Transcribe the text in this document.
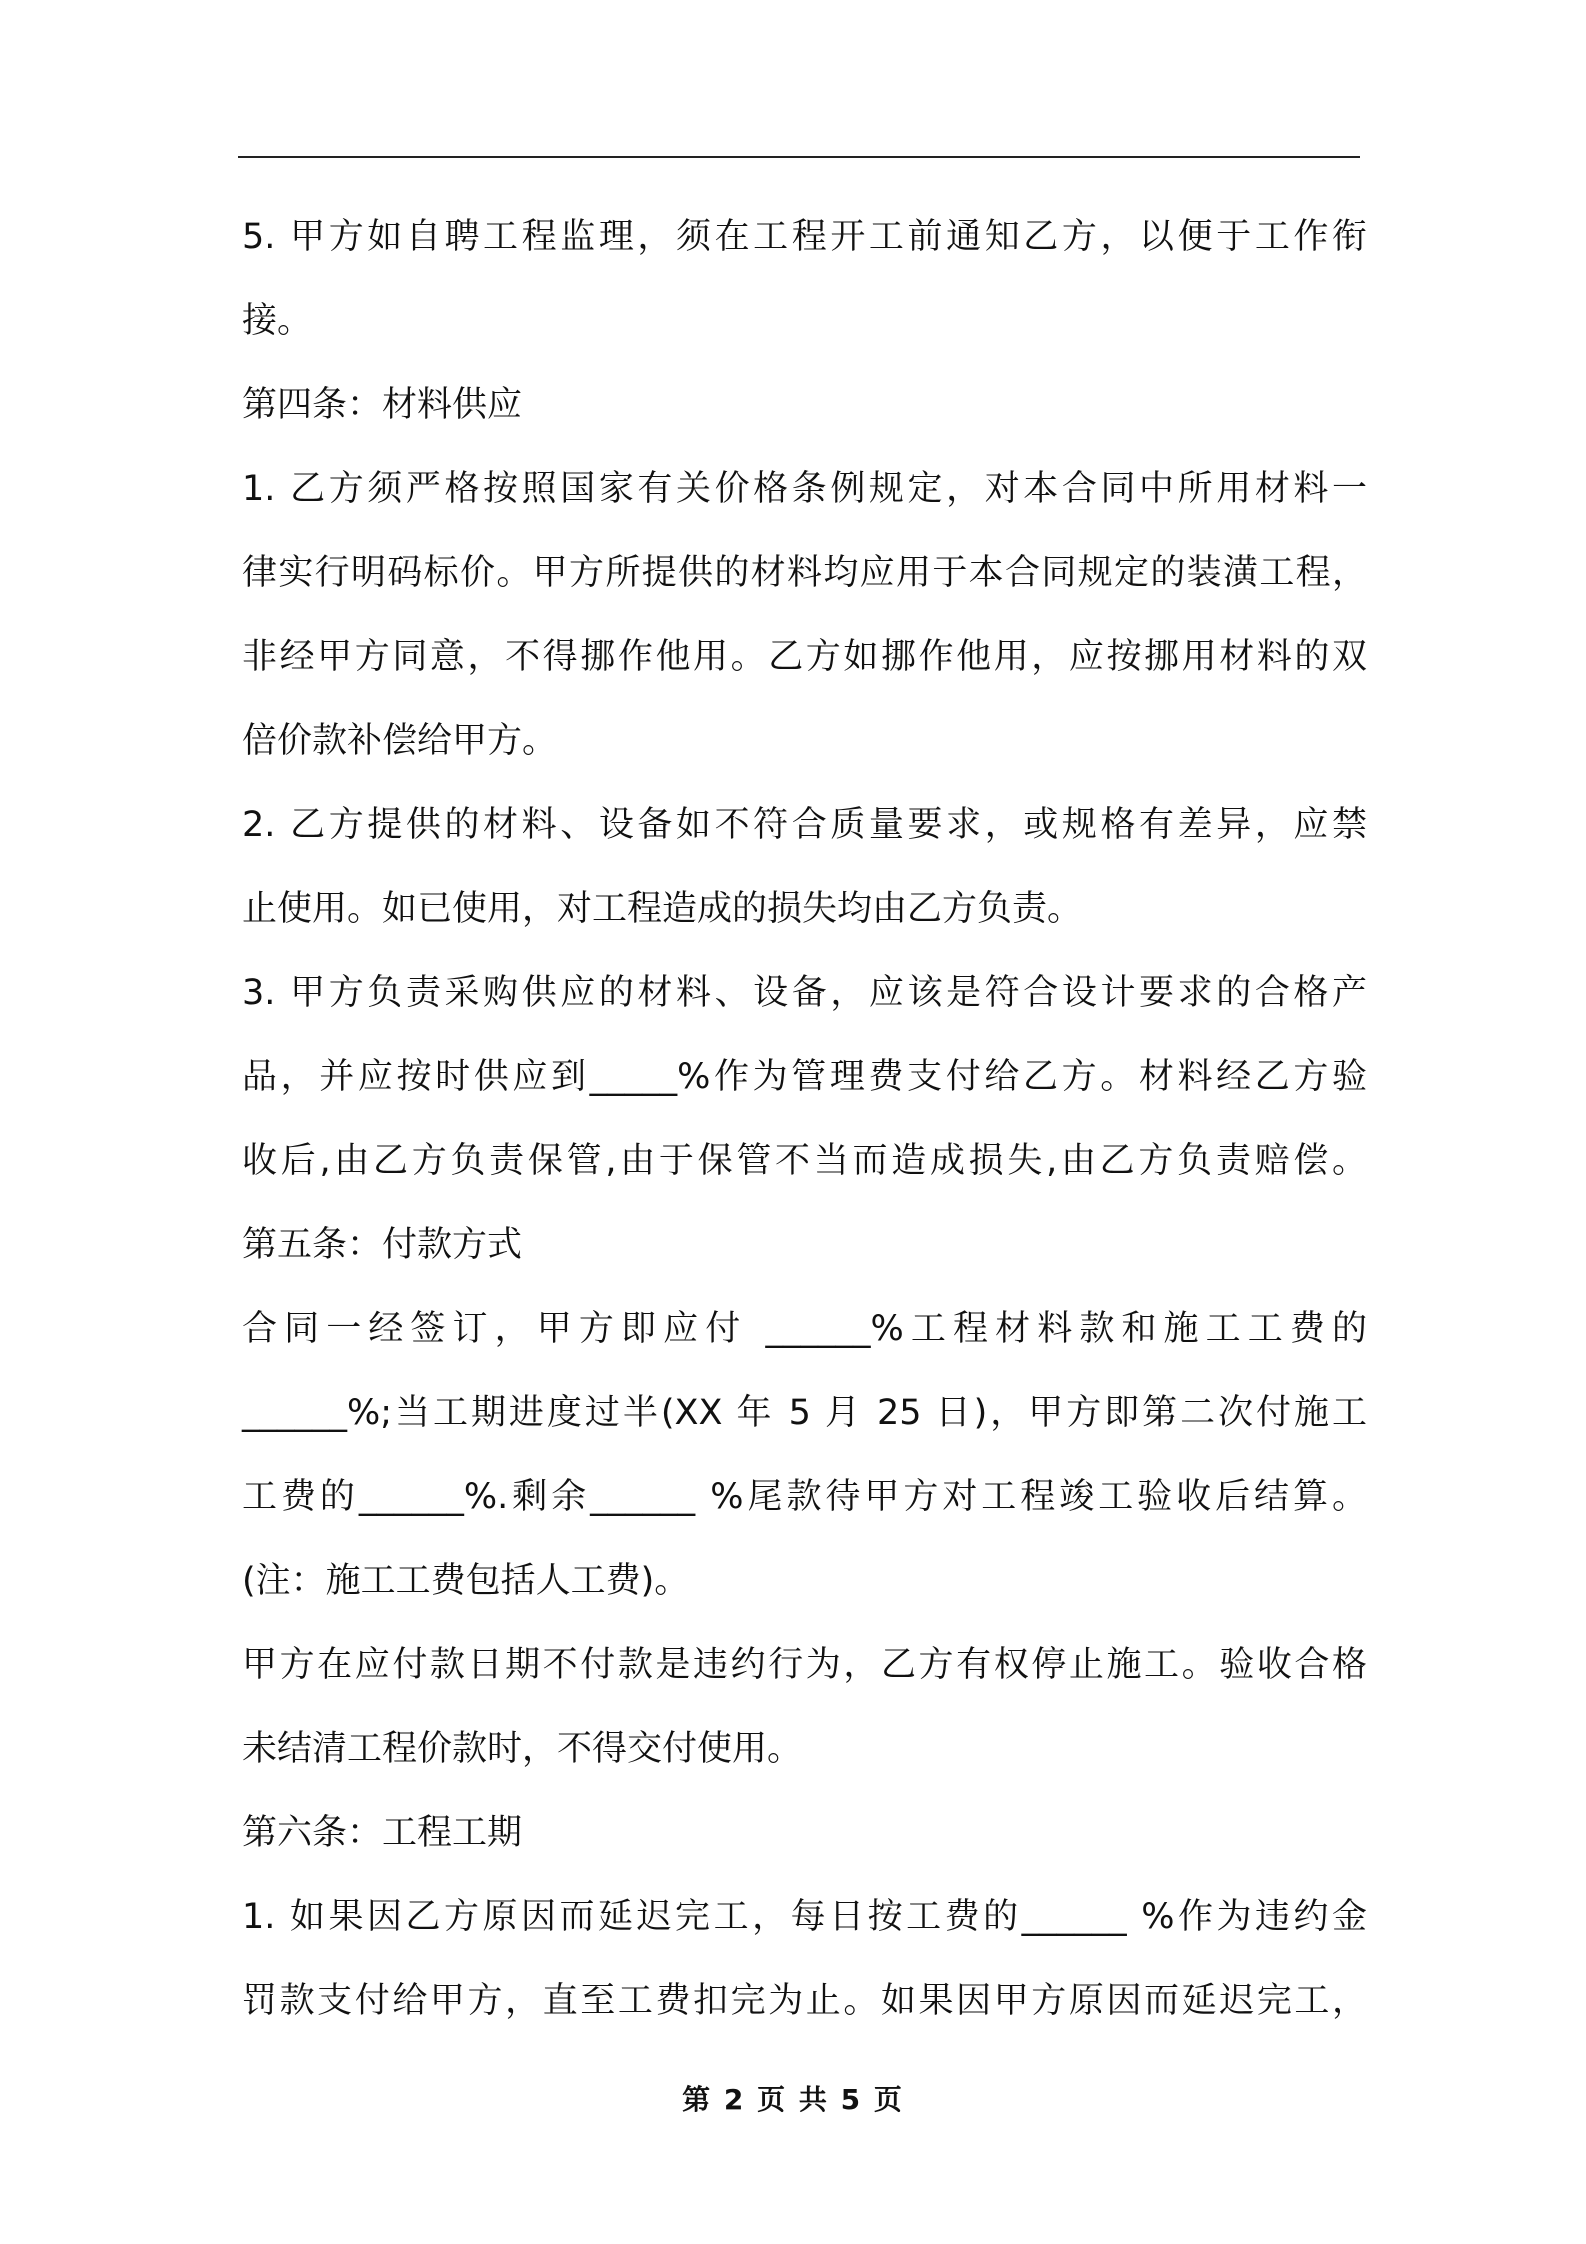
5. 甲方如自聘工程监理，须在工程开工前通知乙方，以便于工作衔
接。
第四条：材料供应
1. 乙方须严格按照国家有关价格条例规定，对本合同中所用材料一
律实行明码标价。甲方所提供的材料均应用于本合同规定的装潢工程，
非经甲方同意，不得挪作他用。乙方如挪作他用，应按挪用材料的双
倍价款补偿给甲方。
2. 乙方提供的材料、设备如不符合质量要求，或规格有差异，应禁
止使用。如已使用，对工程造成的损失均由乙方负责。
3. 甲方负责采购供应的材料、设备，应该是符合设计要求的合格产
品，并应按时供应到_____%作为管理费支付给乙方。材料经乙方验
收后,由乙方负责保管,由于保管不当而造成损失,由乙方负责赔偿。
第五条：付款方式
合同一经签订，甲方即应付 ______%工程材料款和施工工费的
______%;当工期进度过半(XX 年 5 月 25 日)，甲方即第二次付施工
工费的______%.剩余______ %尾款待甲方对工程竣工验收后结算。
(注：施工工费包括人工费)。
甲方在应付款日期不付款是违约行为，乙方有权停止施工。验收合格
未结清工程价款时，不得交付使用。
第六条：工程工期
1. 如果因乙方原因而延迟完工，每日按工费的______ %作为违约金
罚款支付给甲方，直至工费扣完为止。如果因甲方原因而延迟完工，
第 2 页 共 5 页
